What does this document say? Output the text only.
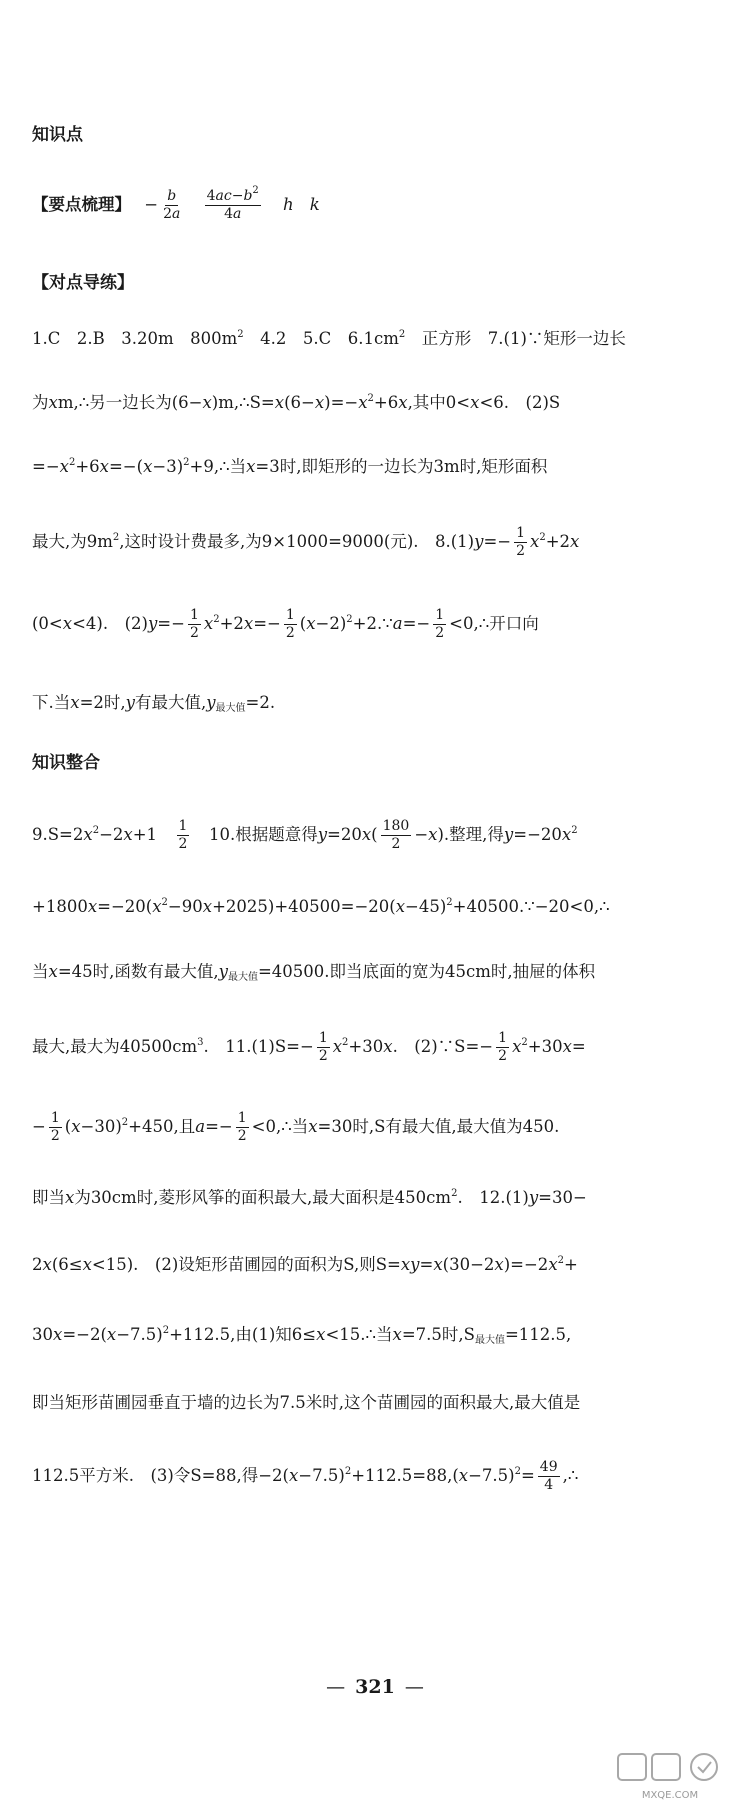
知识点
【要点梳理】 − $\frac{b}{2a}$
$\frac{4ac-b^2}{4a}$ h k
【对点导练】
1.C　2.B　3.20m　$800m^2$　4.2　5.C　$6.1cm^2$　正方形　7.(1)∵矩形一边长
为xm,∴另一边长为$(6-x)m,\therefore S=x(6-x)=-x^2+6x$,其中0<x<6.　(2)S
$=-x^2+6x=-(x-3)^2+9,\therefore$当x=3时,即矩形的一边长为3m时,矩形面积
最大,为$9m^2$,这时设计费最多,为9×1000=9000(元).　$8.(1)y=- \frac{1}{2} x^2+2x$
(0<x<4).　$(2)y=- \frac{1}{2} x^2+2x=- \frac{1}{2}$ $(x-2)^2+2.\because a=- \frac{1}{2}$ <0,∴开口向
下.当x=2时,y有最大值$,y_{最大值}=2$.
知识整合
$9.S=2x^2-2x+1$　 $\frac{1}{2}$ 　10.根据题意得$y=20x( \frac{180}{2} -x)$.整理,得$y=-20x^2$
$+1800x=-20(x^2-90x+2025)+40500=-20(x-45)^2+40500.\because-20<0,\therefore$
当x=45时,函数有最大值$,y_{最大值}=40500$.即当底面的宽为45cm时,抽屉的体积
最大,最大为$40500cm^3$.　$11.(1)S=- \frac{1}{2} x^2+30x$.　(2)∵S=− $\frac{1}{2} x^2+30x=$
− $\frac{1}{2} (x-30)^2+450$,且$a=- \frac{1}{2}$ <0,∴当x=30时,S有最大值,最大值为450.
即当x为30cm时,菱形风筝的面积最大,最大面积是$450cm^2$.　12.(1)y=30−
2x(6≤x<15).　(2)设矩形苗圃园的面积为S,则$S=xy=x(30-2x)=-2x^2+$
$30x=-2(x-7.5)^2+112.5$,由(1)知6≤x<15.∴当x=7.5时$,S_{最大值}=112.5$,
即当矩形苗圃园垂直于墙的边长为7.5米时,这个苗圃园的面积最大,最大值是
112.5平方米.　(3)令S=88,得$-2(x-7.5)^2+112.5=88,(x-7.5)^2= \frac{49}{4}$ ,∴
— 321 —
MXQE.COM
